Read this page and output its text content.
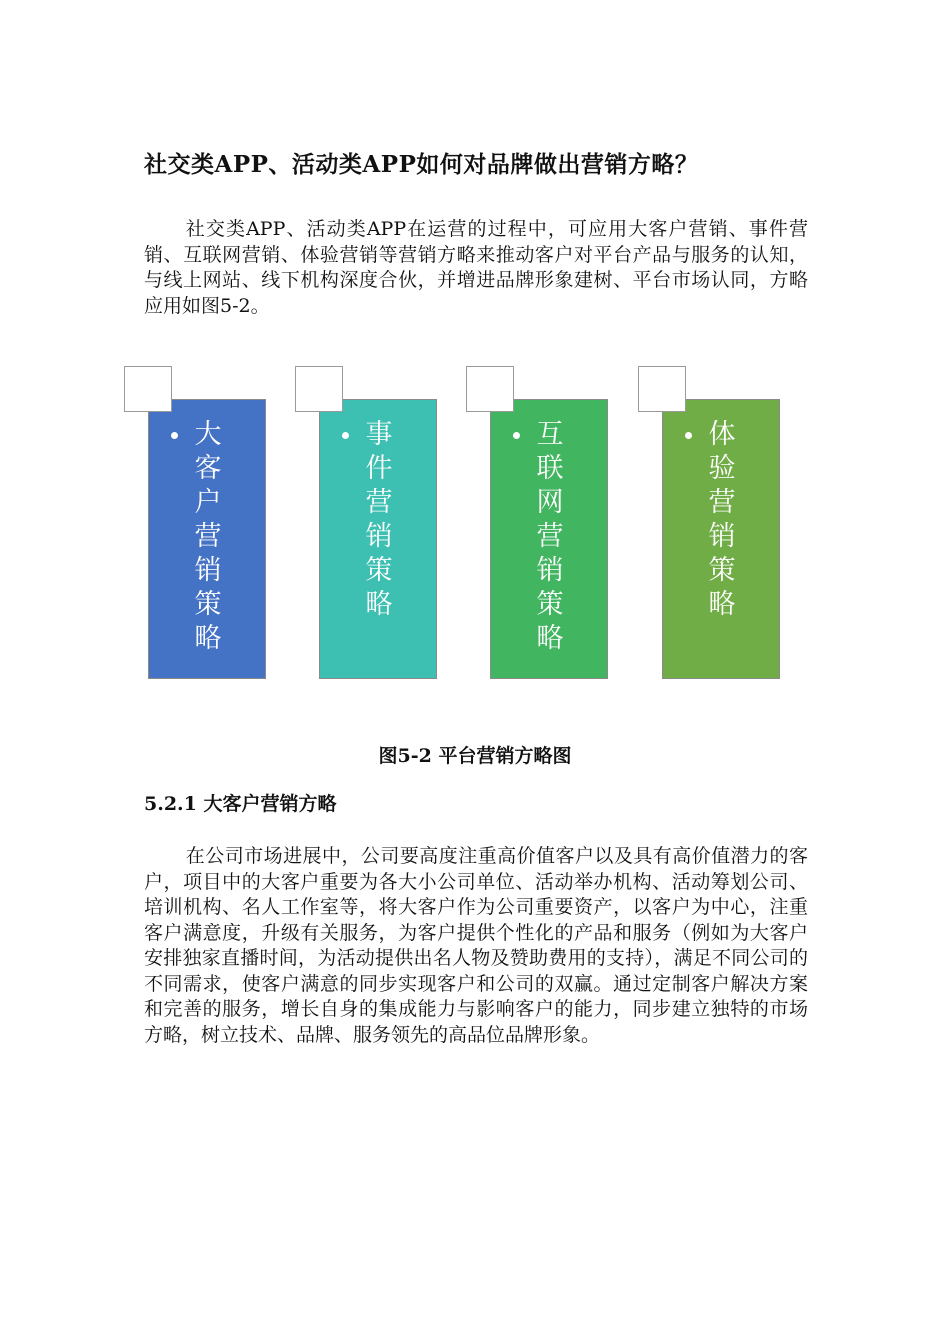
社交类APP、活动类APP如何对品牌做出营销方略？
社交类APP、活动类APP在运营的过程中，可应用大客户营销、事件营销、互联网营销、体验营销等营销方略来推动客户对平台产品与服务的认知，与线上网站、线下机构深度合伙，并增进品牌形象建树、平台市场认同，方略应用如图5-2。
大客户营销策略
事件营销策略
互联网营销策略
体验营销策略
图5-2 平台营销方略图
5.2.1 大客户营销方略
在公司市场进展中，公司要高度注重高价值客户以及具有高价值潜力的客户，项目中的大客户重要为各大小公司单位、活动举办机构、活动筹划公司、培训机构、名人工作室等，将大客户作为公司重要资产，以客户为中心，注重客户满意度，升级有关服务，为客户提供个性化的产品和服务（例如为大客户安排独家直播时间，为活动提供出名人物及赞助费用的支持），满足不同公司的不同需求，使客户满意的同步实现客户和公司的双赢。通过定制客户解决方案和完善的服务，增长自身的集成能力与影响客户的能力，同步建立独特的市场方略，树立技术、品牌、服务领先的高品位品牌形象。
